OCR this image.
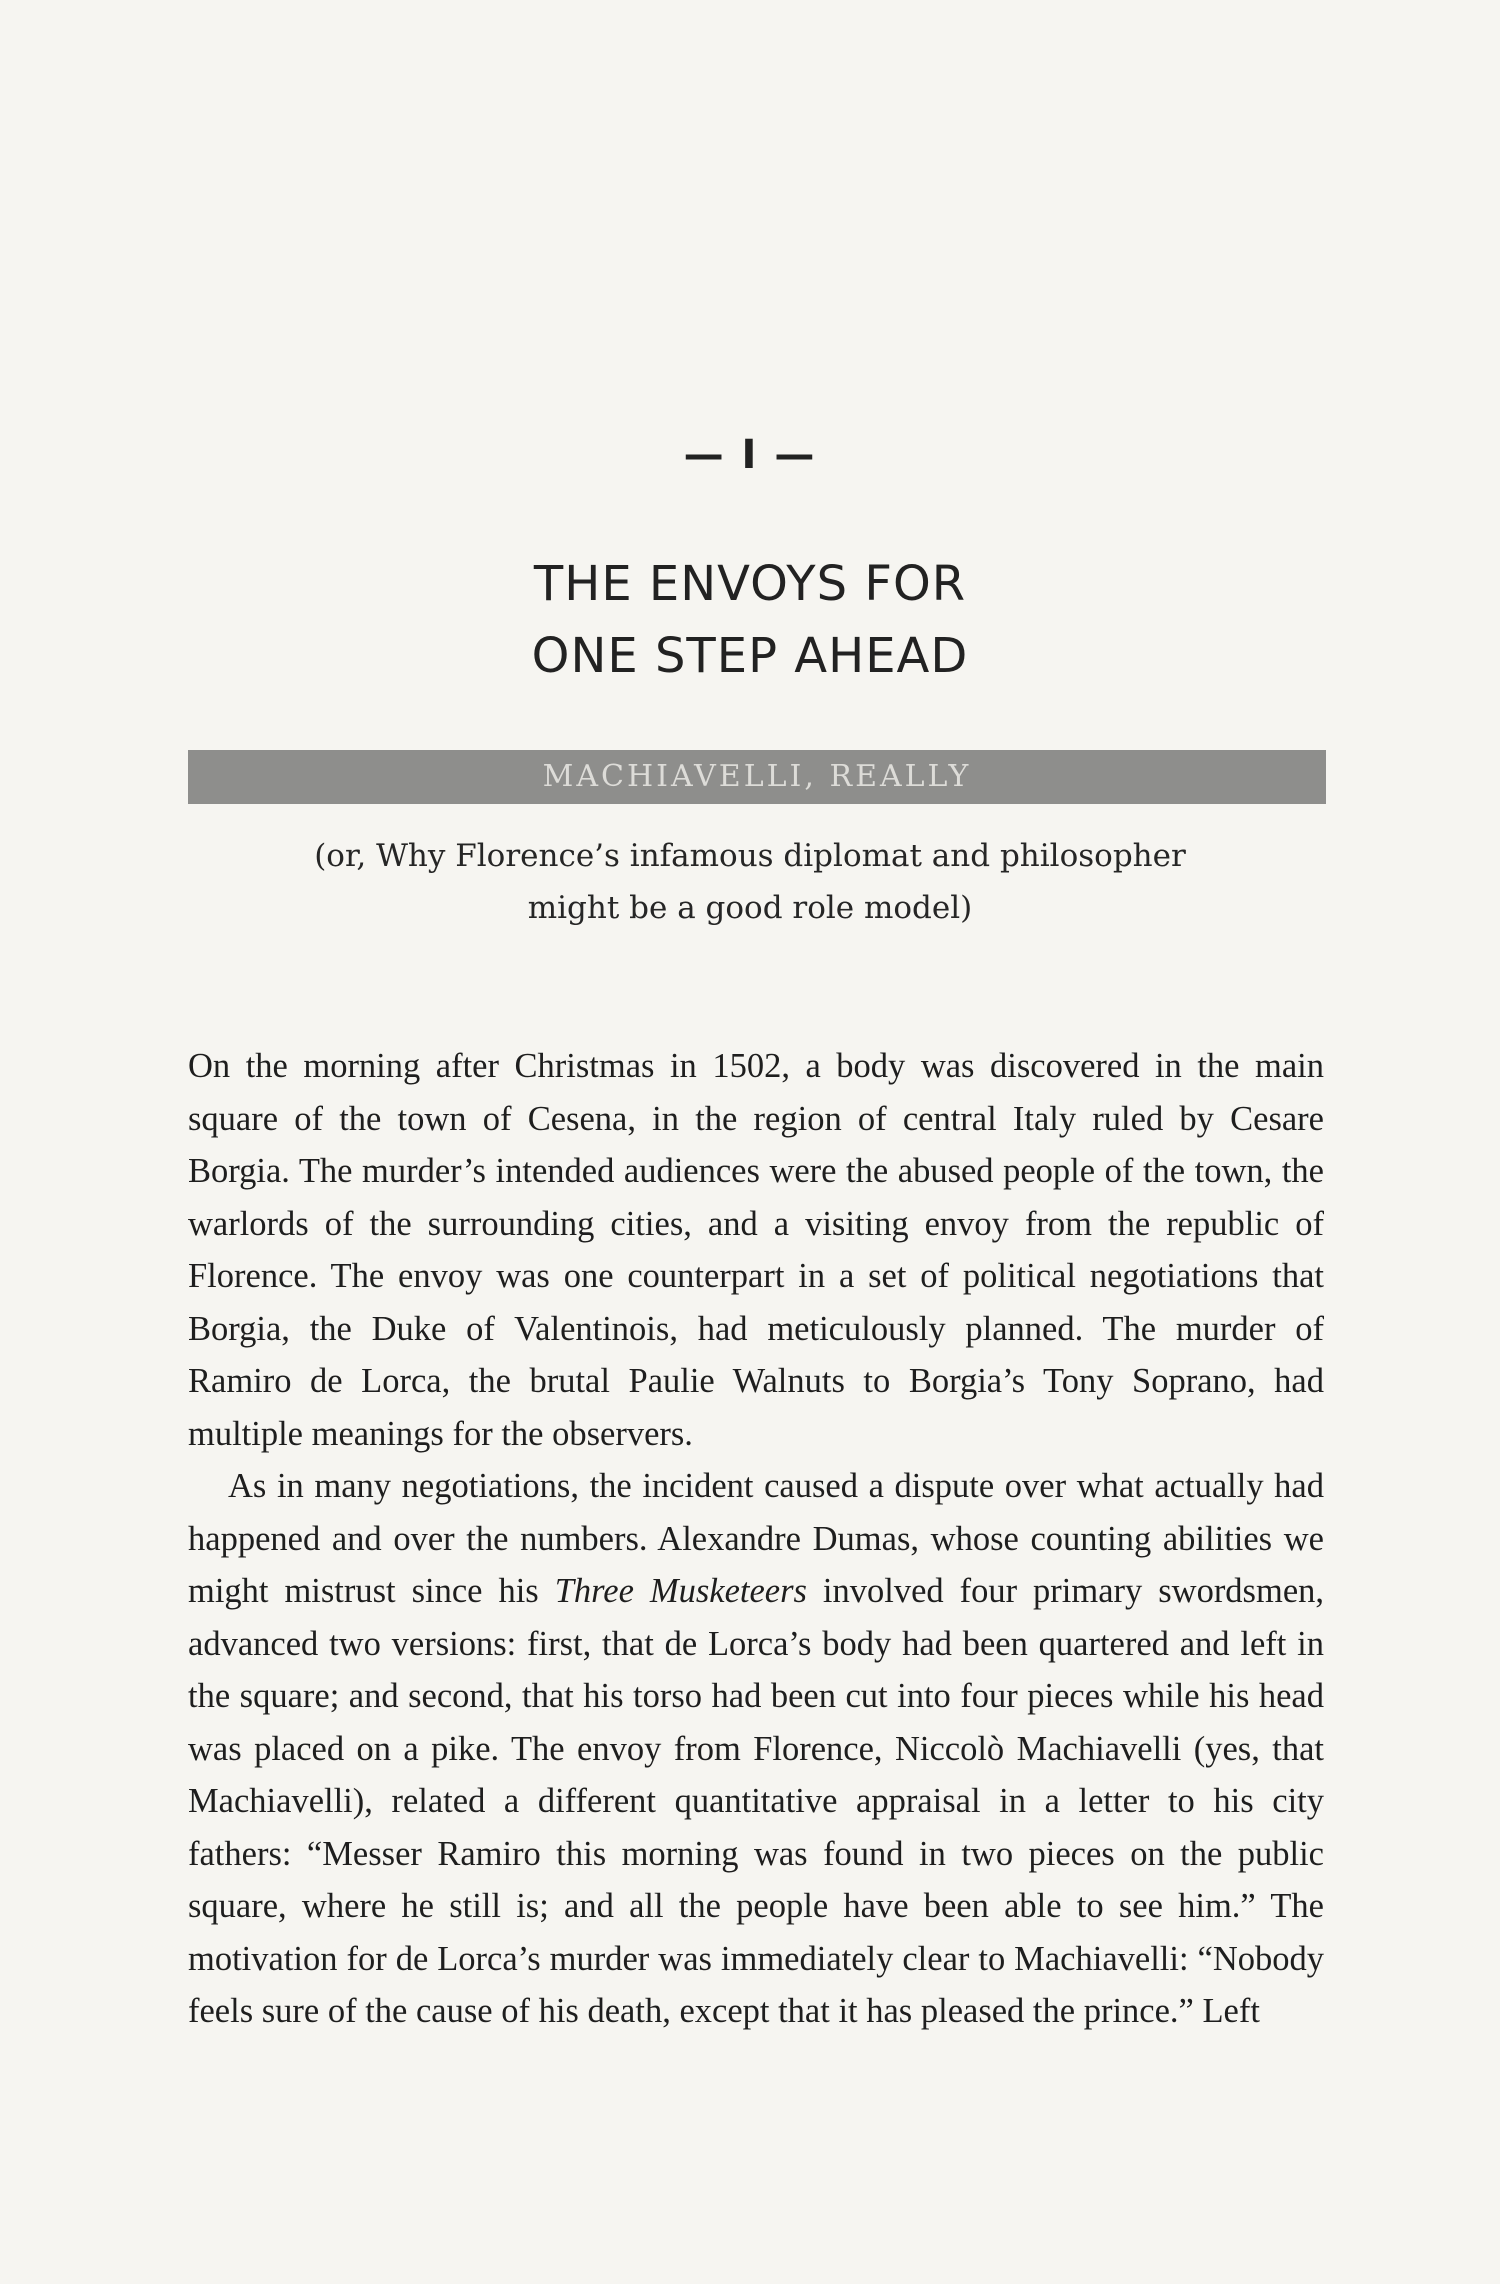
— I —
THE ENVOYS FOR
ONE STEP AHEAD
MACHIAVELLI, REALLY
(or, Why Florence’s infamous diplomat and philosopher
might be a good role model)

On the morning after Christmas in 1502, a body was discovered in the main square of the town of Cesena, in the region of central Italy ruled by Cesare Borgia. The murder’s intended audiences were the abused people of the town, the warlords of the surrounding cities, and a visiting envoy from the republic of Florence. The envoy was one counterpart in a set of political negotiations that Borgia, the Duke of Valentinois, had meticulously planned. The murder of Ramiro de Lorca, the brutal Paulie Walnuts to Borgia’s Tony Soprano, had multiple meanings for the observers.

As in many negotiations, the incident caused a dispute over what actually had happened and over the numbers. Alexandre Dumas, whose counting abilities we might mistrust since his Three Musketeers involved four primary swordsmen, advanced two versions: first, that de Lorca’s body had been quartered and left in the square; and second, that his torso had been cut into four pieces while his head was placed on a pike. The envoy from Florence, Niccolò Machiavelli (yes, that Machiavelli), related a different quantitative appraisal in a letter to his city fathers: “Messer Ramiro this morning was found in two pieces on the public square, where he still is; and all the people have been able to see him.” The motivation for de Lorca’s murder was immediately clear to Machiavelli: “Nobody feels sure of the cause of his death, except that it has pleased the prince.” Left
